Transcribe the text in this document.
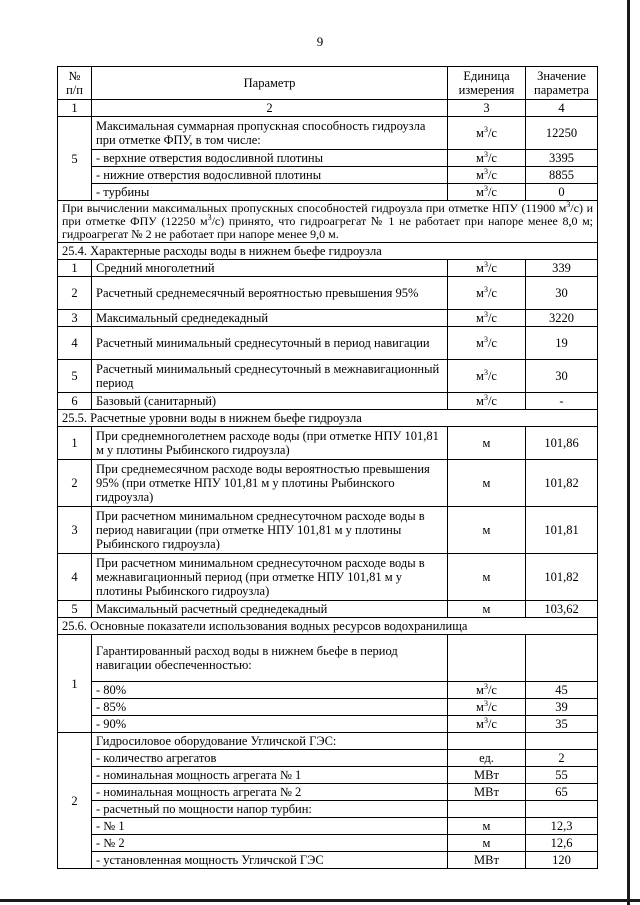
9
№ п/п	Параметр	Единица измерения	Значение параметра
1	2	3	4
5	Максимальная суммарная пропускная способность гидроузла при отметке ФПУ, в том числе:	$м^3/с$	12250
	- верхние отверстия водосливной плотины	$м^3/с$	3395
	- нижние отверстия водосливной плотины	$м^3/с$	8855
	- турбины	$м^3/с$	0
При вычислении максимальных пропускных способностей гидроузла при отметке НПУ (11900 $м^3/с$) и при отметке ФПУ (12250 $м^3/с$) принято, что гидроагрегат № 1 не работает при напоре менее 8,0 м; гидроагрегат № 2 не работает при напоре менее 9,0 м.			
25.4. Характерные расходы воды в нижнем бьефе гидроузла			
1	Средний многолетний	$м^3/с$	339
2	Расчетный среднемесячный вероятностью превышения 95%	$м^3/с$	30
3	Максимальный среднедекадный	$м^3/с$	3220
4	Расчетный минимальный среднесуточный в период навигации	$м^3/с$	19
5	Расчетный минимальный среднесуточный в межнавигационный период	$м^3/с$	30
6	Базовый (санитарный)	$м^3/с$	-
25.5. Расчетные уровни воды в нижнем бьефе гидроузла			
1	При среднемноголетнем расходе воды (при отметке НПУ 101,81 м у плотины Рыбинского гидроузла)	м	101,86
2	При среднемесячном расходе воды вероятностью превышения 95% (при отметке НПУ 101,81 м у плотины Рыбинского гидроузла)	м	101,82
3	При расчетном минимальном среднесуточном расходе воды в период навигации (при отметке НПУ 101,81 м у плотины Рыбинского гидроузла)	м	101,81
4	При расчетном минимальном среднесуточном расходе воды в межнавигационный период (при отметке НПУ 101,81 м у плотины Рыбинского гидроузла)	м	101,82
5	Максимальный расчетный среднедекадный	м	103,62
25.6. Основные показатели использования водных ресурсов водохранилища			
1	Гарантированный расход воды в нижнем бьефе в период навигации обеспеченностью:		
	- 80%	$м^3/с$	45
	- 85%	$м^3/с$	39
	- 90%	$м^3/с$	35
2	Гидросиловое оборудование Угличской ГЭС:		
	- количество агрегатов	ед.	2
	- номинальная мощность агрегата № 1	МВт	55
	- номинальная мощность агрегата № 2	МВт	65
	- расчетный по мощности напор турбин:		
	- № 1	м	12,3
	- № 2	м	12,6
	- установленная мощность Угличской ГЭС	МВт	120
